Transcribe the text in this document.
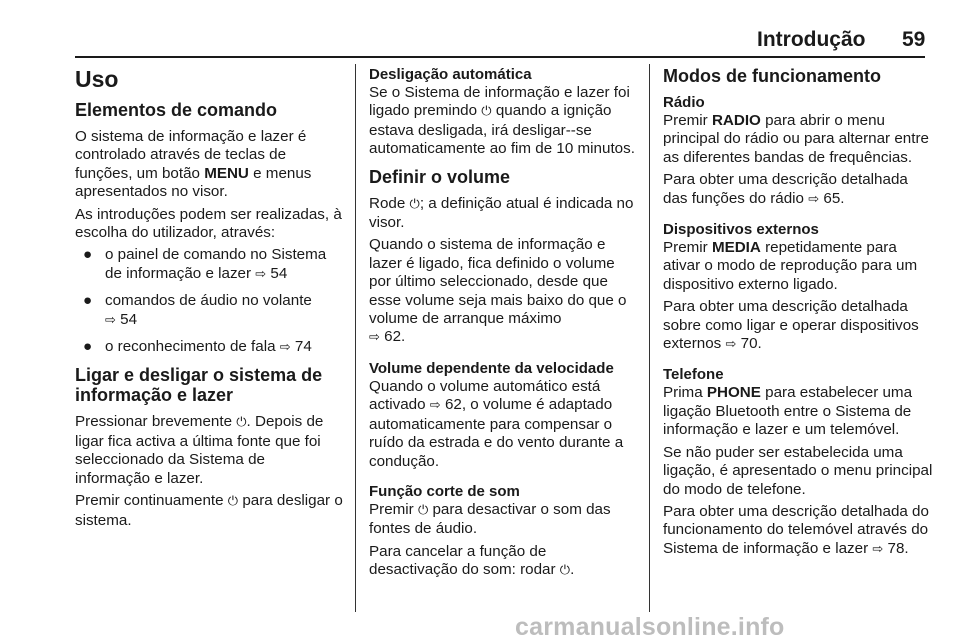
Introdução 59
Uso
Elementos de comando

O sistema de informação e lazer é controlado através de teclas de funções, um botão MENU e menus apresentados no visor.

As introduções podem ser realizadas, à escolha do utilizador, através:

● o painel de comando no Sistema de informação e lazer ⇨ 54
● comandos de áudio no volante
⇨ 54
● o reconhecimento de fala ⇨ 74
Ligar e desligar o sistema de informação e lazer

Pressionar brevemente ⏻. Depois de ligar fica activa a última fonte que foi seleccionado da Sistema de informação e lazer.

Premir continuamente ⏻ para desligar o sistema.

Desligação automática

Se o Sistema de informação e lazer foi ligado premindo ⏻ quando a ignição estava desligada, irá desligar--se automaticamente ao fim de 10 minutos.

Definir o volume

Rode ⏻; a definição atual é indicada no visor.

Quando o sistema de informação e lazer é ligado, fica definido o volume por último seleccionado, desde que esse volume seja mais baixo do que o volume de arranque máximo
⇨ 62.

Volume dependente da velocidade

Quando o volume automático está activado ⇨ 62, o volume é adaptado automaticamente para compensar o ruído da estrada e do vento durante a condução.

Função corte de som

Premir ⏻ para desactivar o som das fontes de áudio.

Para cancelar a função de desactivação do som: rodar ⏻.

Modos de funcionamento
Rádio

Premir RADIO para abrir o menu principal do rádio ou para alternar entre as diferentes bandas de frequências.

Para obter uma descrição detalhada das funções do rádio ⇨ 65.

Dispositivos externos

Premir MEDIA repetidamente para ativar o modo de reprodução para um dispositivo externo ligado.

Para obter uma descrição detalhada sobre como ligar e operar dispositivos externos ⇨ 70.

Telefone

Prima PHONE para estabelecer uma ligação Bluetooth entre o Sistema de informação e lazer e um telemóvel.

Se não puder ser estabelecida uma ligação, é apresentado o menu principal do modo de telefone.

Para obter uma descrição detalhada do funcionamento do telemóvel através do Sistema de informação e lazer ⇨ 78.

carmanualsonline.info
